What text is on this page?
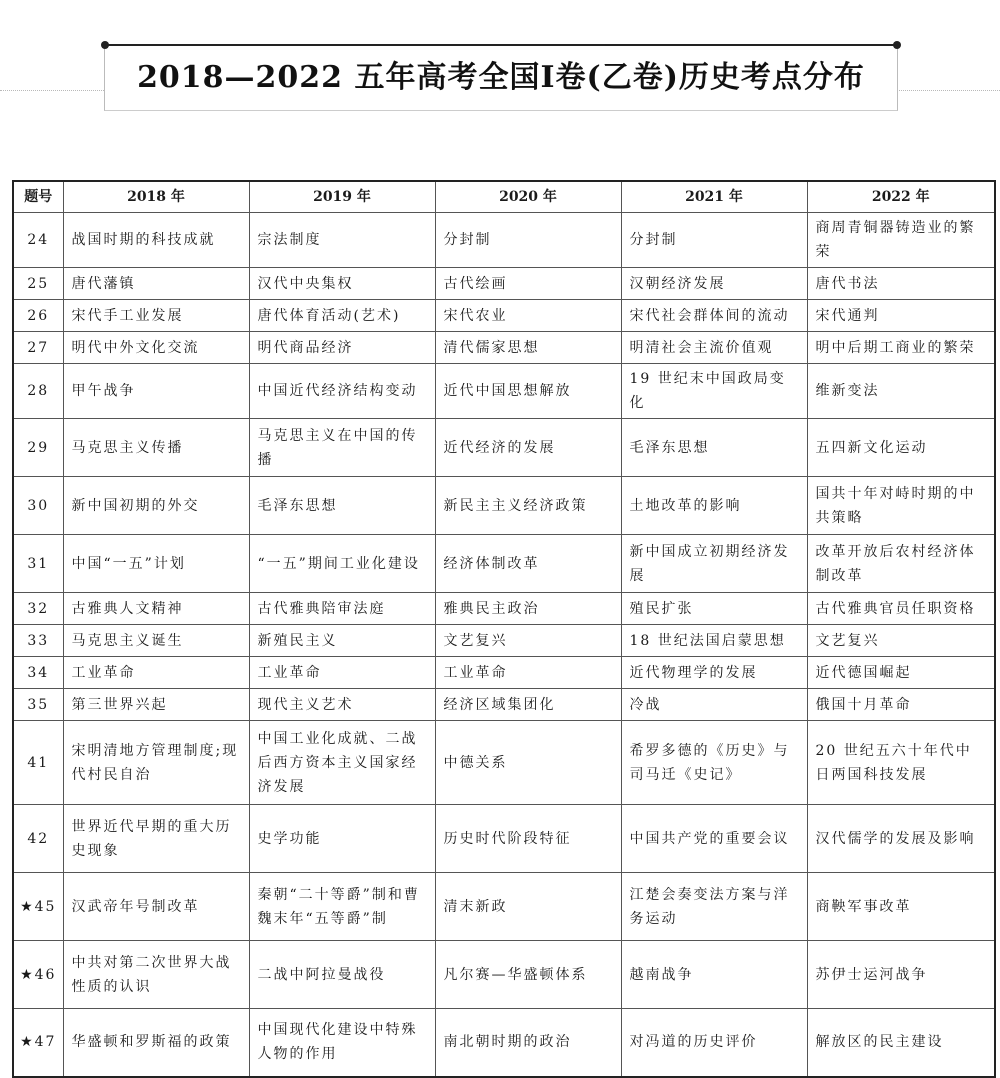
2018—2022 五年高考全国Ⅰ卷(乙卷)历史考点分布
题号	2018 年	2019 年	2020 年	2021 年	2022 年
24	战国时期的科技成就	宗法制度	分封制	分封制	商周青铜器铸造业的繁荣
25	唐代藩镇	汉代中央集权	古代绘画	汉朝经济发展	唐代书法
26	宋代手工业发展	唐代体育活动(艺术)	宋代农业	宋代社会群体间的流动	宋代通判
27	明代中外文化交流	明代商品经济	清代儒家思想	明清社会主流价值观	明中后期工商业的繁荣
28	甲午战争	中国近代经济结构变动	近代中国思想解放	19 世纪末中国政局变化	维新变法
29	马克思主义传播	马克思主义在中国的传播	近代经济的发展	毛泽东思想	五四新文化运动
30	新中国初期的外交	毛泽东思想	新民主主义经济政策	土地改革的影响	国共十年对峙时期的中共策略
31	中国“一五”计划	“一五”期间工业化建设	经济体制改革	新中国成立初期经济发展	改革开放后农村经济体制改革
32	古雅典人文精神	古代雅典陪审法庭	雅典民主政治	殖民扩张	古代雅典官员任职资格
33	马克思主义诞生	新殖民主义	文艺复兴	18 世纪法国启蒙思想	文艺复兴
34	工业革命	工业革命	工业革命	近代物理学的发展	近代德国崛起
35	第三世界兴起	现代主义艺术	经济区域集团化	冷战	俄国十月革命
41	宋明清地方管理制度;现代村民自治	中国工业化成就、二战后西方资本主义国家经济发展	中德关系	希罗多德的《历史》与司马迁《史记》	20 世纪五六十年代中日两国科技发展
42	世界近代早期的重大历史现象	史学功能	历史时代阶段特征	中国共产党的重要会议	汉代儒学的发展及影响
★45	汉武帝年号制改革	秦朝“二十等爵”制和曹魏末年“五等爵”制	清末新政	江楚会奏变法方案与洋务运动	商鞅军事改革
★46	中共对第二次世界大战性质的认识	二战中阿拉曼战役	凡尔赛—华盛顿体系	越南战争	苏伊士运河战争
★47	华盛顿和罗斯福的政策	中国现代化建设中特殊人物的作用	南北朝时期的政治	对冯道的历史评价	解放区的民主建设
